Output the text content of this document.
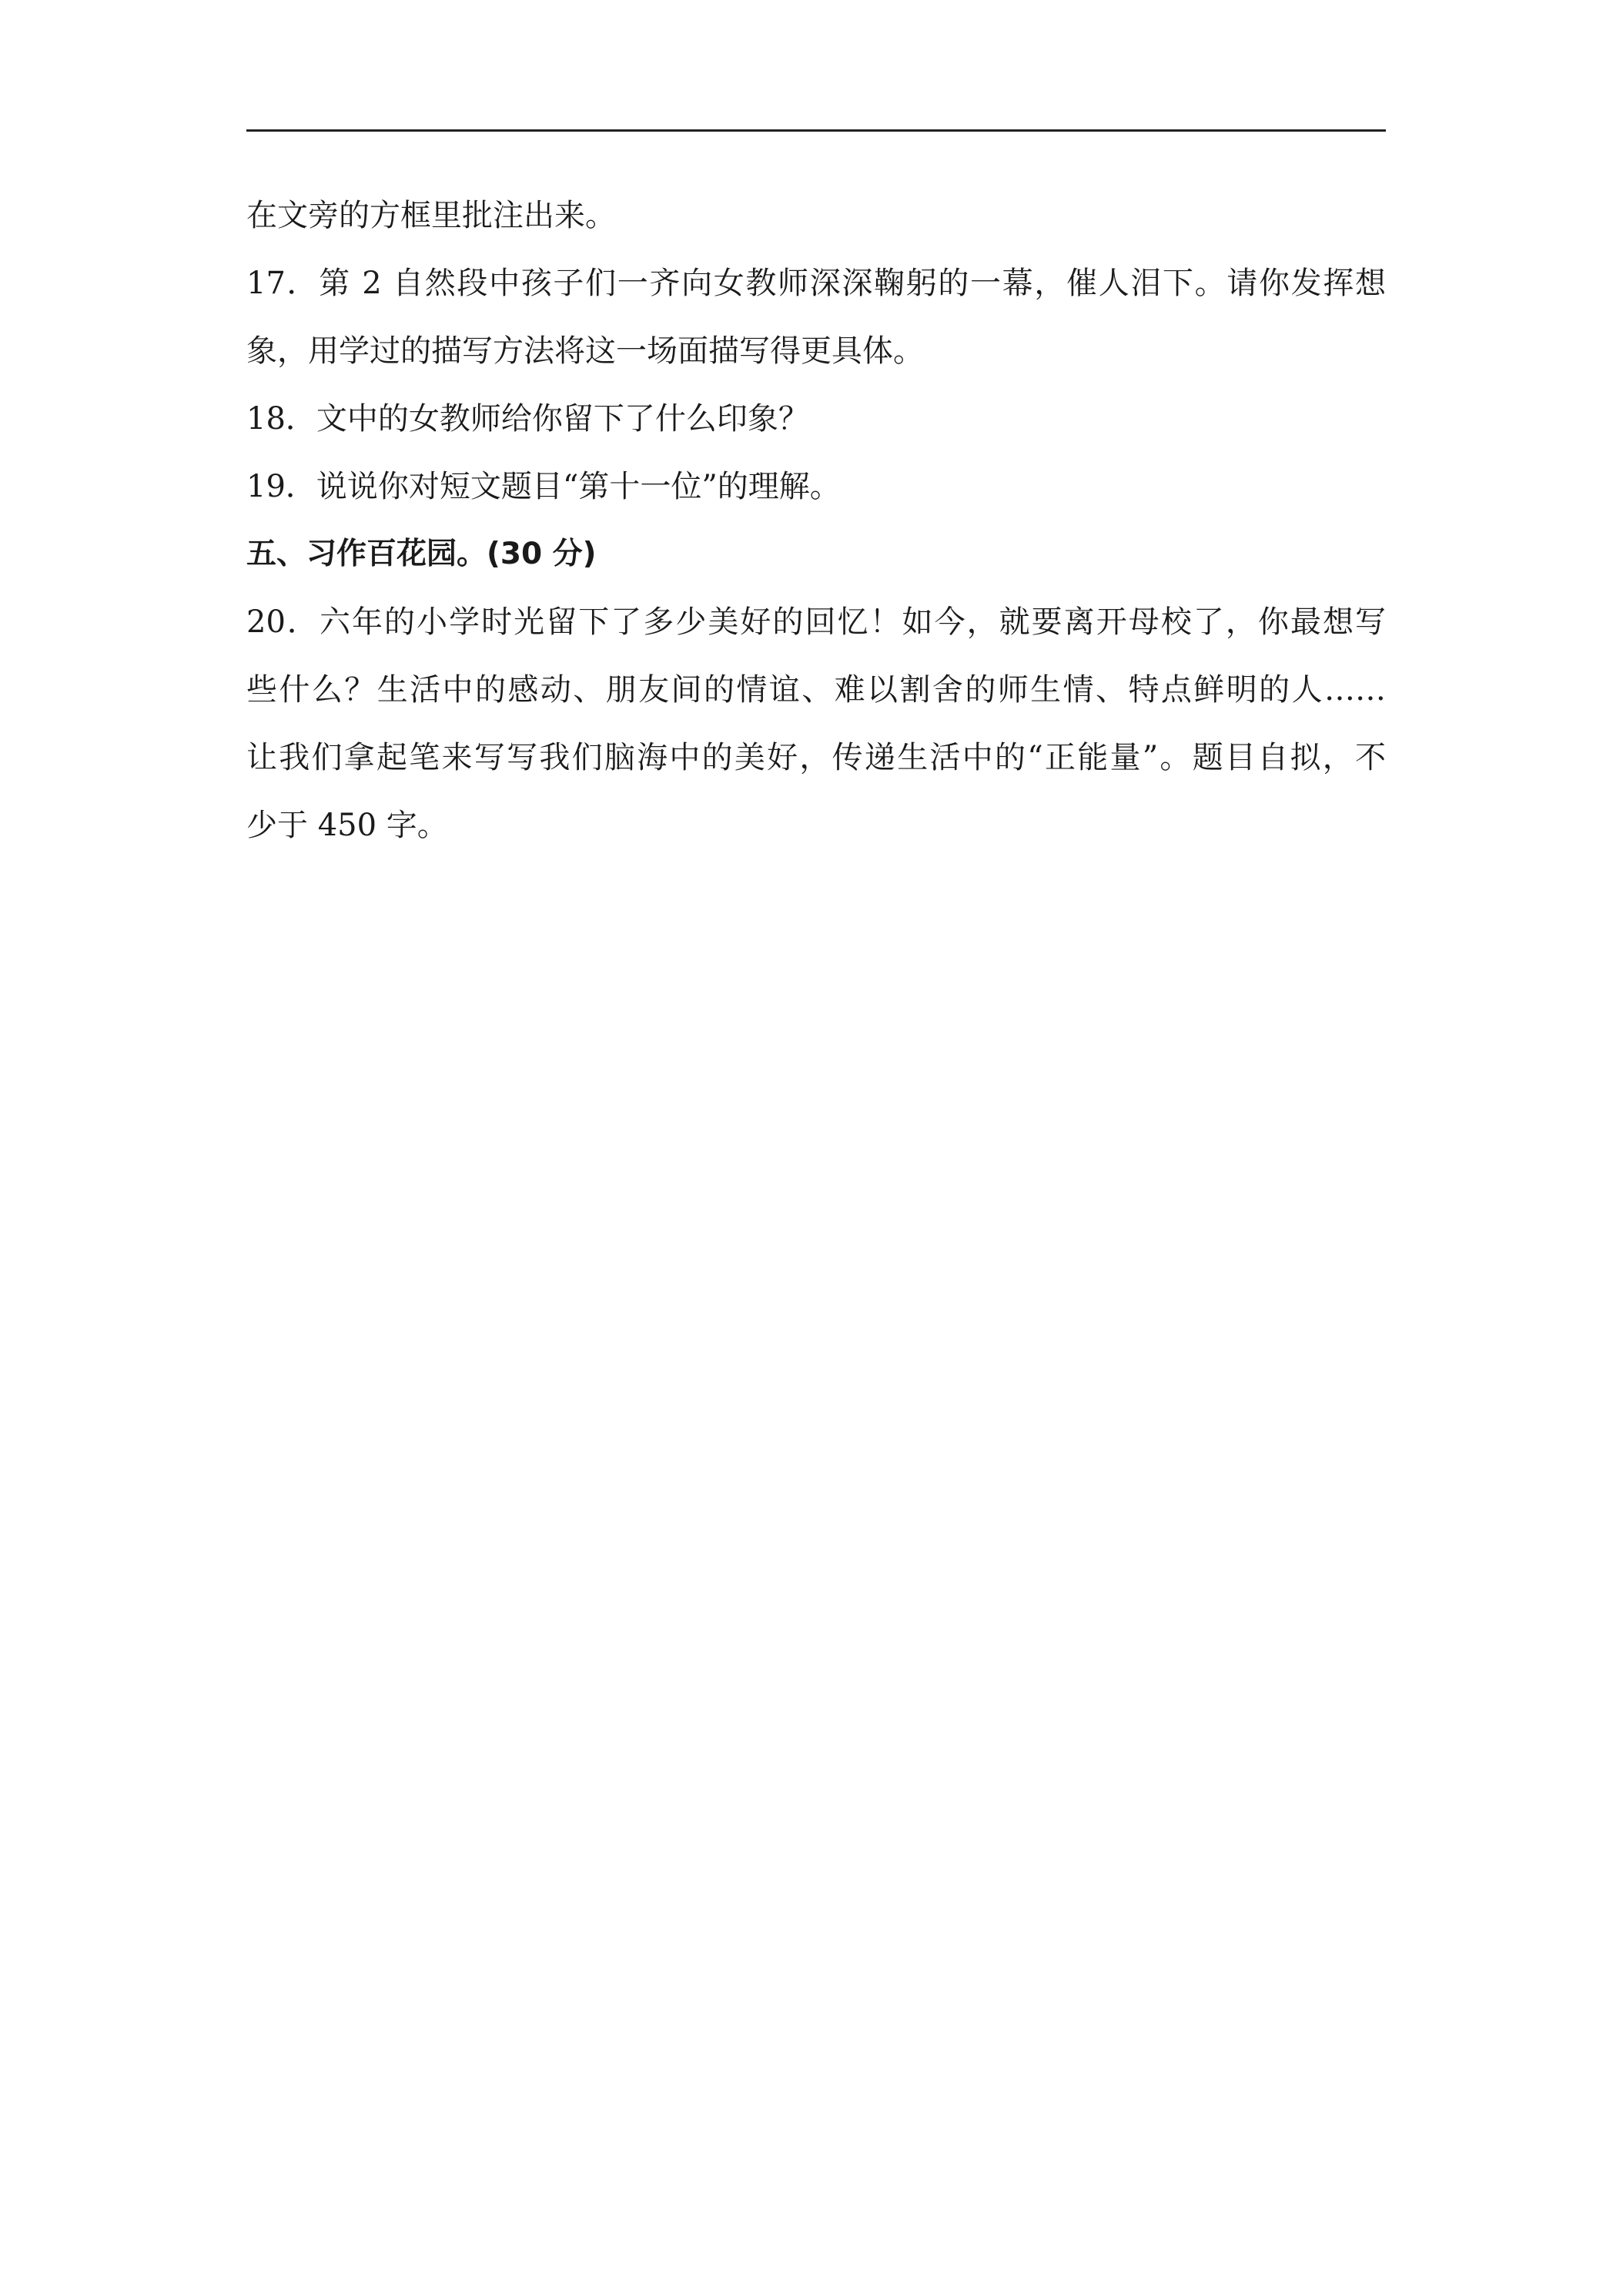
在文旁的方框里批注出来。
17．第 2 自然段中孩子们一齐向女教师深深鞠躬的一幕，催人泪下。请你发挥想
象，用学过的描写方法将这一场面描写得更具体。
18．文中的女教师给你留下了什么印象？
19．说说你对短文题目“第十一位”的理解。
五、习作百花园。(30 分)
20．六年的小学时光留下了多少美好的回忆！如今，就要离开母校了，你最想写
些什么？生活中的感动、朋友间的情谊、难以割舍的师生情、特点鲜明的人……
让我们拿起笔来写写我们脑海中的美好，传递生活中的“正能量”。题目自拟，不
少于 450 字。
